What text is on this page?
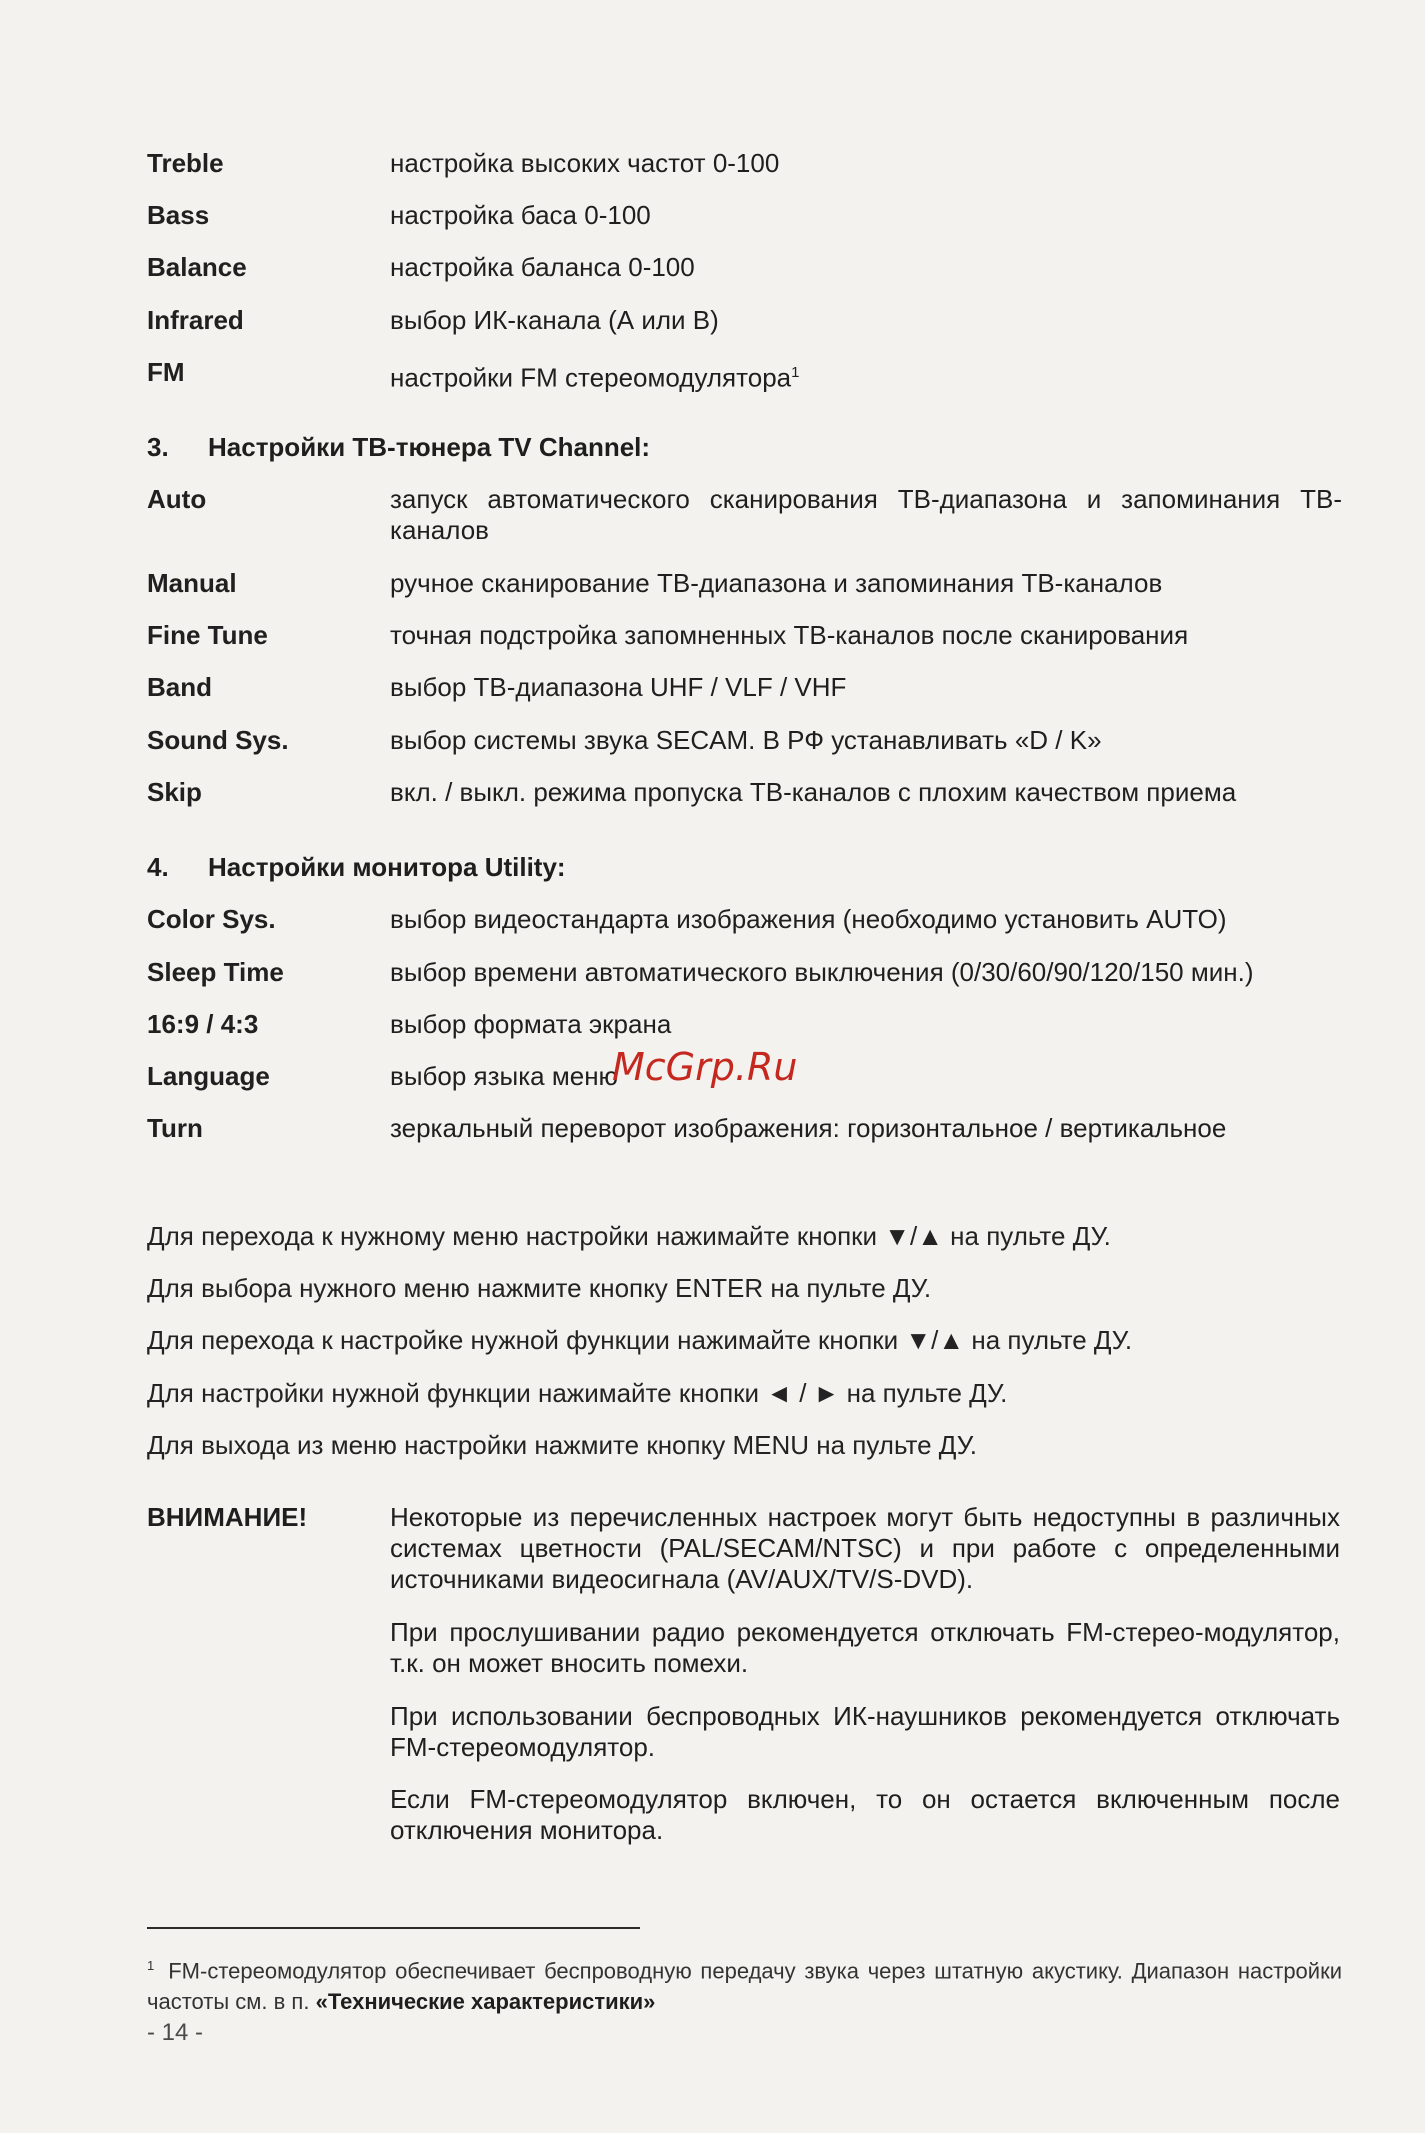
Treble	настройка высоких частот 0-100
Bass	настройка баса 0-100
Balance	настройка баланса 0-100
Infrared	выбор ИК-канала (А или В)
FM	настройки FM стереомодулятора$^1$
3. Настройки ТВ-тюнера TV Channel:
Auto	запуск автоматического сканирования ТВ-диапазона и запоминания ТВ-каналов
Manual	ручное сканирование ТВ-диапазона и запоминания ТВ-каналов
Fine Tune	точная подстройка запомненных ТВ-каналов после сканирования
Band	выбор ТВ-диапазона UHF / VLF / VHF
Sound Sys.	выбор системы звука SECAM. В РФ устанавливать «D / K»
Skip	вкл. / выкл. режима пропуска ТВ-каналов с плохим качеством приема
4. Настройки монитора Utility:
Color Sys.	выбор видеостандарта изображения (необходимо установить AUTO)
Sleep Time	выбор времени автоматического выключения (0/30/60/90/120/150 мин.)
16:9 / 4:3	выбор формата экрана
Language	выбор языка меню
Turn	зеркальный переворот изображения: горизонтальное / вертикальное
McGrp.Ru
Для перехода к нужному меню настройки нажимайте кнопки ▼/▲ на пульте ДУ.
Для выбора нужного меню нажмите кнопку ENTER на пульте ДУ.
Для перехода к настройке нужной функции нажимайте кнопки ▼/▲ на пульте ДУ.
Для настройки нужной функции нажимайте кнопки ◄ / ► на пульте ДУ.
Для выхода из меню настройки нажмите кнопку MENU на пульте ДУ.
ВНИМАНИЕ!	Некоторые из перечисленных настроек могут быть недоступны в различных системах цветности (PAL/SECAM/NTSC) и при работе с определенными источниками видеосигнала (AV/AUX/TV/S-DVD).
При прослушивании радио рекомендуется отключать FM-стерео-модулятор, т.к. он может вносить помехи.
При использовании беспроводных ИК-наушников рекомендуется отключать FM-стереомодулятор.
Если FM-стереомодулятор включен, то он остается включенным после отключения монитора.
$^1$ FM-стереомодулятор обеспечивает беспроводную передачу звука через штатную акустику. Диапазон настройки частоты см. в п. «Технические характеристики»
- 14 -
